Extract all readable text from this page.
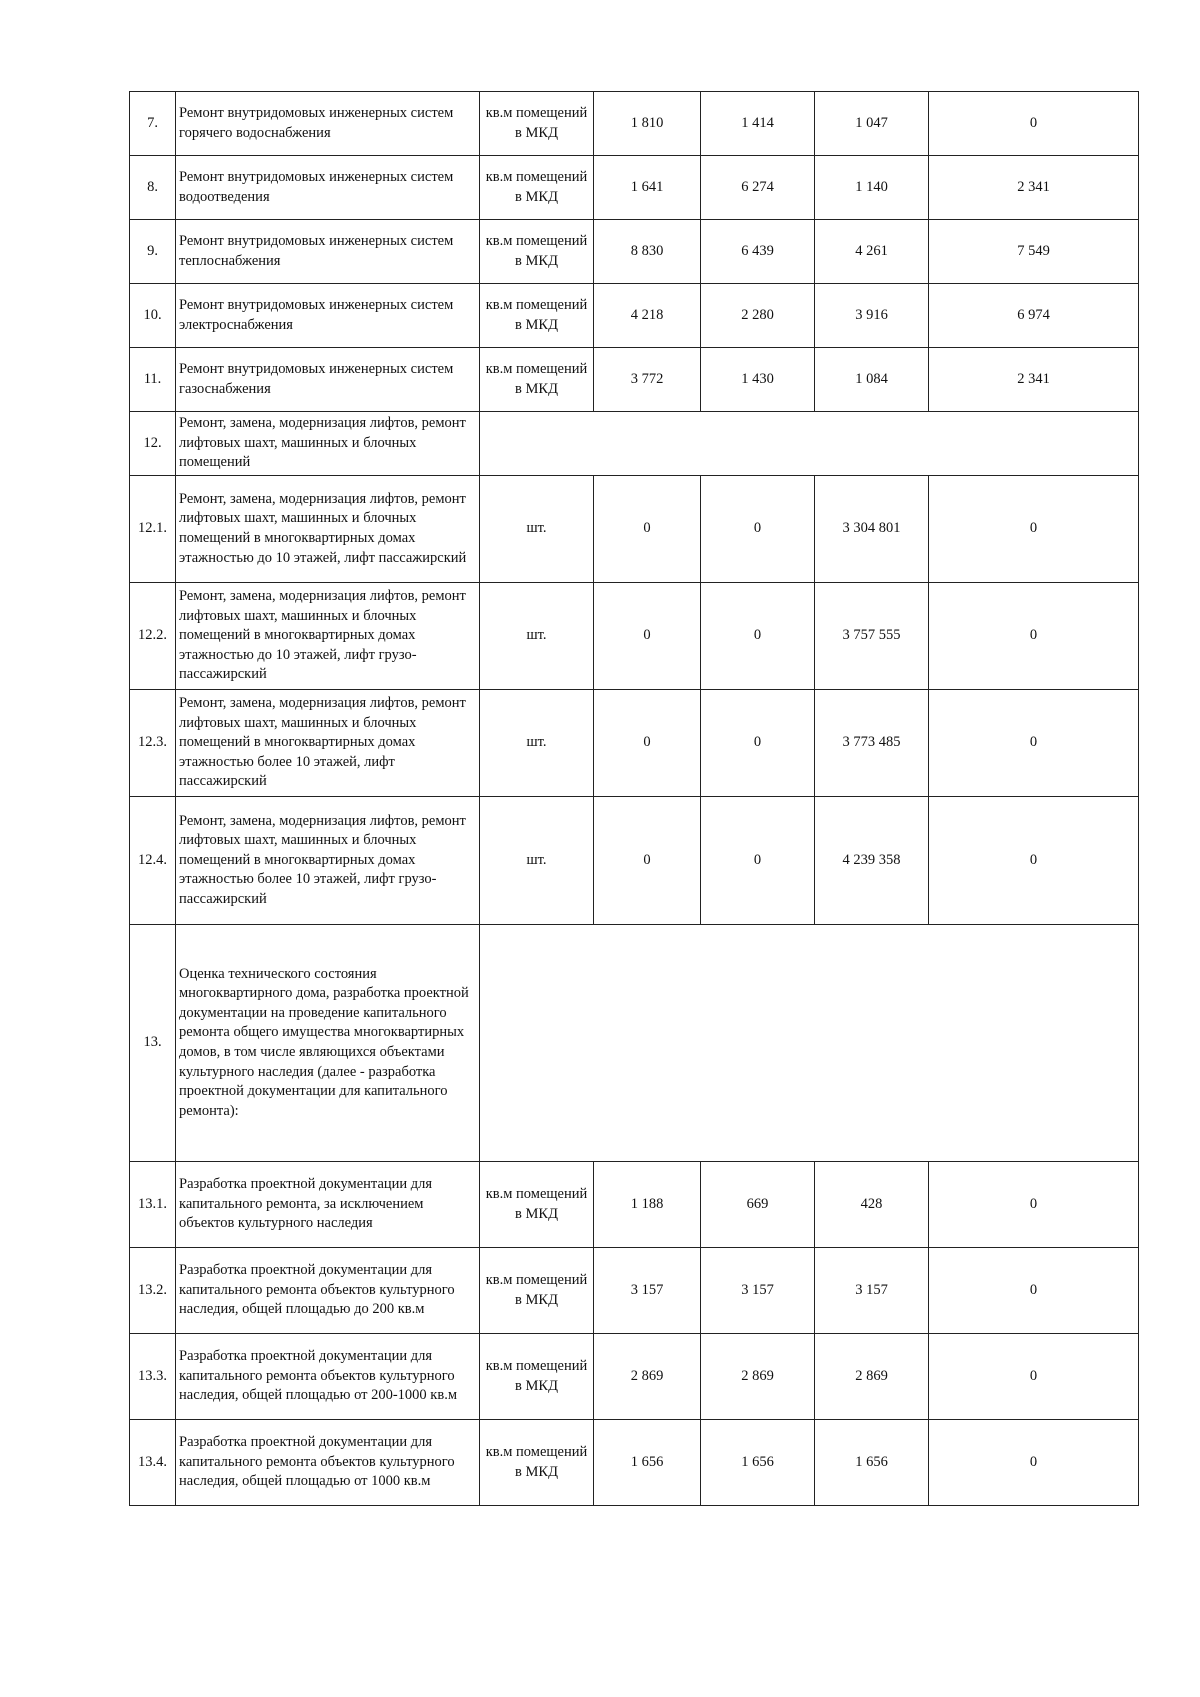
7.	Ремонт внутридомовых инженерных систем горячего водоснабжения	кв.м помещений в МКД	1 810	1 414	1 047	0
8.	Ремонт внутридомовых инженерных систем водоотведения	кв.м помещений в МКД	1 641	6 274	1 140	2 341
9.	Ремонт внутридомовых инженерных систем теплоснабжения	кв.м помещений в МКД	8 830	6 439	4 261	7 549
10.	Ремонт внутридомовых инженерных систем электроснабжения	кв.м помещений в МКД	4 218	2 280	3 916	6 974
11.	Ремонт внутридомовых инженерных систем газоснабжения	кв.м помещений в МКД	3 772	1 430	1 084	2 341
12.	Ремонт, замена, модернизация лифтов, ремонт лифтовых шахт, машинных и блочных помещений					
12.1.	Ремонт, замена, модернизация лифтов, ремонт лифтовых шахт, машинных и блочных помещений в многоквартирных домах этажностью до 10 этажей, лифт пассажирский	шт.	0	0	3 304 801	0
12.2.	Ремонт, замена, модернизация лифтов, ремонт лифтовых шахт, машинных и блочных помещений в многоквартирных домах этажностью до 10 этажей, лифт грузо-пассажирский	шт.	0	0	3 757 555	0
12.3.	Ремонт, замена, модернизация лифтов, ремонт лифтовых шахт, машинных и блочных помещений в многоквартирных домах этажностью более 10 этажей, лифт пассажирский	шт.	0	0	3 773 485	0
12.4.	Ремонт, замена, модернизация лифтов, ремонт лифтовых шахт, машинных и блочных помещений в многоквартирных домах этажностью более 10 этажей, лифт грузо-пассажирский	шт.	0	0	4 239 358	0
13.	Оценка технического состояния многоквартирного дома, разработка проектной документации на проведение капитального ремонта общего имущества многоквартирных домов, в том числе являющихся объектами культурного наследия (далее - разработка проектной документации для капитального ремонта):					
13.1.	Разработка проектной документации для капитального ремонта, за исключением объектов культурного наследия	кв.м помещений в МКД	1 188	669	428	0
13.2.	Разработка проектной документации для капитального ремонта объектов культурного наследия, общей площадью до 200 кв.м	кв.м помещений в МКД	3 157	3 157	3 157	0
13.3.	Разработка проектной документации для капитального ремонта объектов культурного наследия, общей площадью от 200-1000 кв.м	кв.м помещений в МКД	2 869	2 869	2 869	0
13.4.	Разработка проектной документации для капитального ремонта объектов культурного наследия, общей площадью от 1000 кв.м	кв.м помещений в МКД	1 656	1 656	1 656	0
